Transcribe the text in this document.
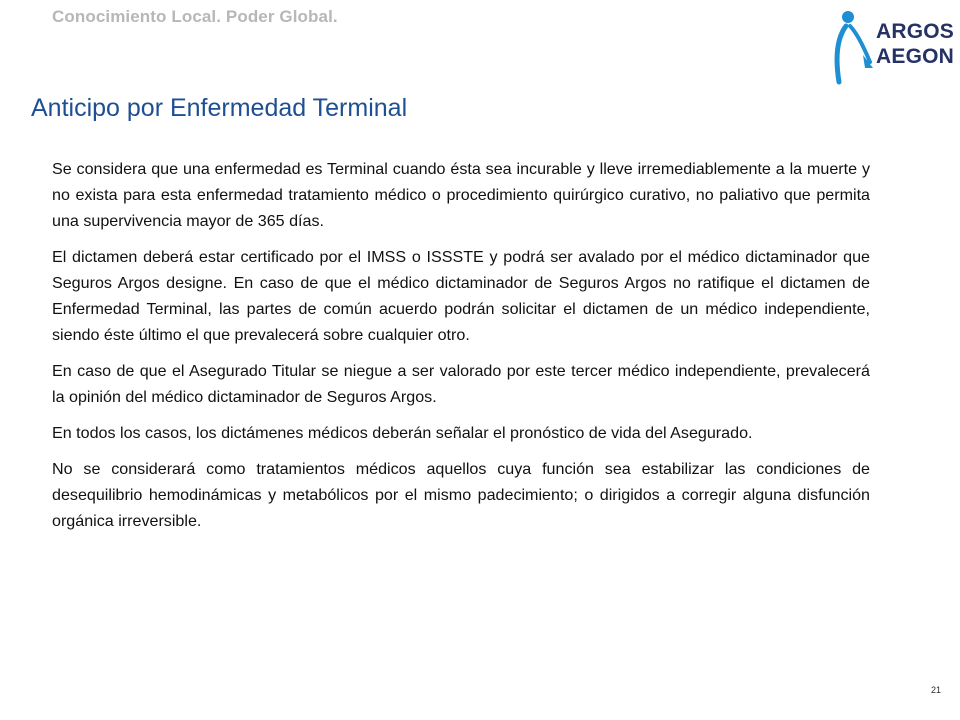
Conocimiento Local. Poder Global.
ARGOS
AEGON
Anticipo por Enfermedad Terminal

Se considera que una enfermedad es Terminal cuando ésta sea incurable y lleve irremediablemente a la muerte y no exista para esta enfermedad tratamiento médico o procedimiento quirúrgico curativo, no paliativo que permita una supervivencia mayor de 365 días.

El dictamen deberá estar certificado por el IMSS o ISSSTE y podrá ser avalado por el médico dictaminador que Seguros Argos designe. En caso de que el médico dictaminador de Seguros Argos no ratifique el dictamen de Enfermedad Terminal, las partes de común acuerdo podrán solicitar el dictamen de un médico independiente, siendo éste último el que prevalecerá sobre cualquier otro.

En caso de que el Asegurado Titular se niegue a ser valorado por este tercer médico independiente, prevalecerá la opinión del médico dictaminador de Seguros Argos.

En todos los casos, los dictámenes médicos deberán señalar el pronóstico de vida del Asegurado.

No se considerará como tratamientos médicos aquellos cuya función sea estabilizar las condiciones de desequilibrio hemodinámicas y metabólicos por el mismo padecimiento; o dirigidos a corregir alguna disfunción orgánica irreversible.

21
